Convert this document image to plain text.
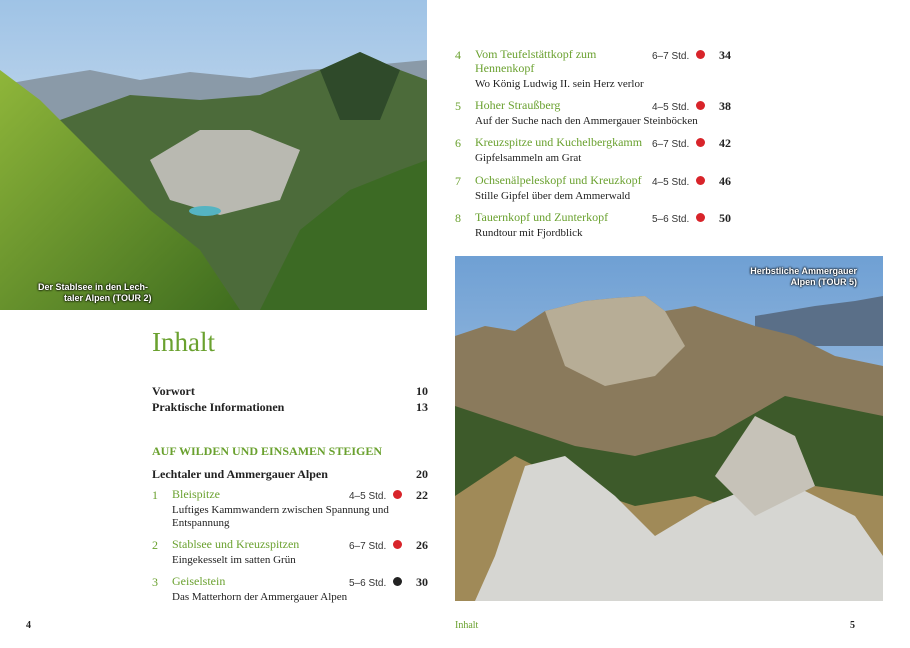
Der Stablsee in den Lech-
taler Alpen (TOUR 2)
Herbstliche Ammergauer
Alpen (TOUR 5)
Inhalt
Vorwort	10
Praktische Informationen	13
AUF WILDEN UND EINSAMEN STEIGEN
Lechtaler und Ammergauer Alpen	20
1 Bleispitze
Luftiges Kammwandern zwischen Spannung und
Entspannung
4–5 Std.	22
2 Stablsee und Kreuzspitzen
Eingekesselt im satten Grün
6–7 Std.	26
3 Geiselstein
Das Matterhorn der Ammergauer Alpen
5–6 Std.	30
4 Vom Teufelstättkopf zum
Hennenkopf
Wo König Ludwig II. sein Herz verlor
6–7 Std.	34
5 Hoher Straußberg
Auf der Suche nach den Ammergauer Steinböcken
4–5 Std.	38
6 Kreuzspitze und Kuchelbergkamm
Gipfelsammeln am Grat
6–7 Std.	42
7 Ochsenälpeleskopf und Kreuzkopf
Stille Gipfel über dem Ammerwald
4–5 Std.	46
8 Tauernkopf und Zunterkopf
Rundtour mit Fjordblick
5–6 Std.	50
4	Inhalt	5
